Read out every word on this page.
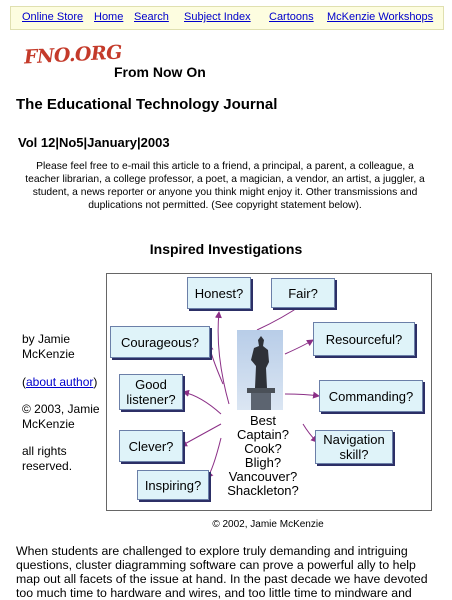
Online Store Home Search Subject Index Cartoons McKenzie Workshops
FNO.ORG
From Now On
The Educational Technology Journal
Vol 12|No5|January|2003
Please feel free to e-mail this article to a friend, a principal, a parent, a colleague, a teacher librarian, a college professor, a poet, a magician, a vendor, an artist, a juggler, a student, a news reporter or anyone you think might enjoy it. Other transmissions and duplications not permitted. (See copyright statement below).
Inspired Investigations
by Jamie McKenzie
(about author)
© 2003, Jamie McKenzie
all rights reserved.
Best
Captain?
Cook?
Bligh?
Vancouver?
Shackleton?
Honest?	Fair?
Courageous?	Resourceful?
Good listener?	Commanding?
Clever?	Navigation skill?
Inspiring?
© 2002, Jamie McKenzie
When students are challenged to explore truly demanding and intriguing questions, cluster diagramming software can prove a powerful ally to help map out all facets of the issue at hand. In the past decade we have devoted too much time to hardware and wires, and too little time to mindware and
